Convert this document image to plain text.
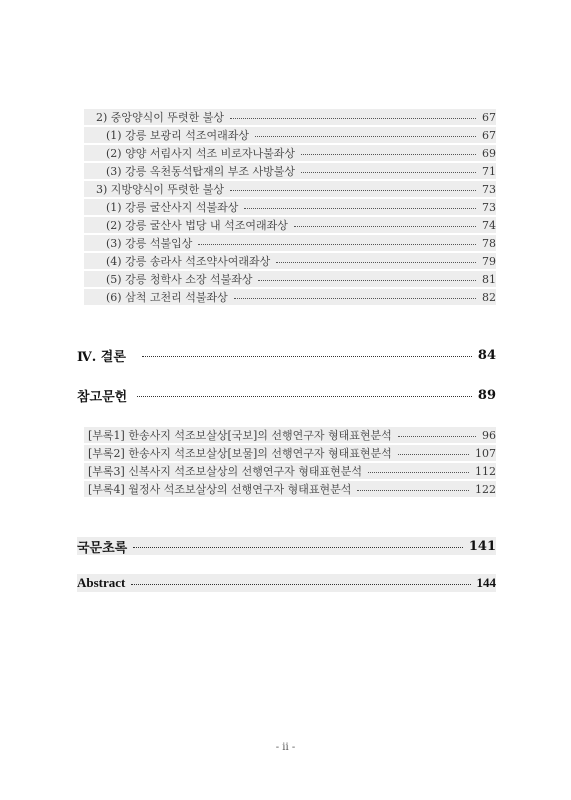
2) 중앙양식이 뚜렷한 불상	67
(1) 강릉 보광리 석조여래좌상	67
(2) 양양 서림사지 석조 비로자나불좌상	69
(3) 강릉 옥천동석탑재의 부조 사방불상	71
3) 지방양식이 뚜렷한 불상	73
(1) 강릉 굴산사지 석불좌상	73
(2) 강릉 굴산사 법당 내 석조여래좌상	74
(3) 강릉 석불입상	78
(4) 강릉 송라사 석조약사여래좌상	79
(5) 강릉 청학사 소장 석불좌상	81
(6) 삼척 고천리 석불좌상	82
Ⅳ. 결론	84
참고문헌	89
[부록1] 한송사지 석조보살상[국보]의 선행연구자 형태표현분석	96
[부록2] 한송사지 석조보살상[보물]의 선행연구자 형태표현분석	107
[부록3] 신복사지 석조보살상의 선행연구자 형태표현분석	112
[부록4] 월정사 석조보살상의 선행연구자 형태표현분석	122
국문초록	141
Abstract	144
- ii -
